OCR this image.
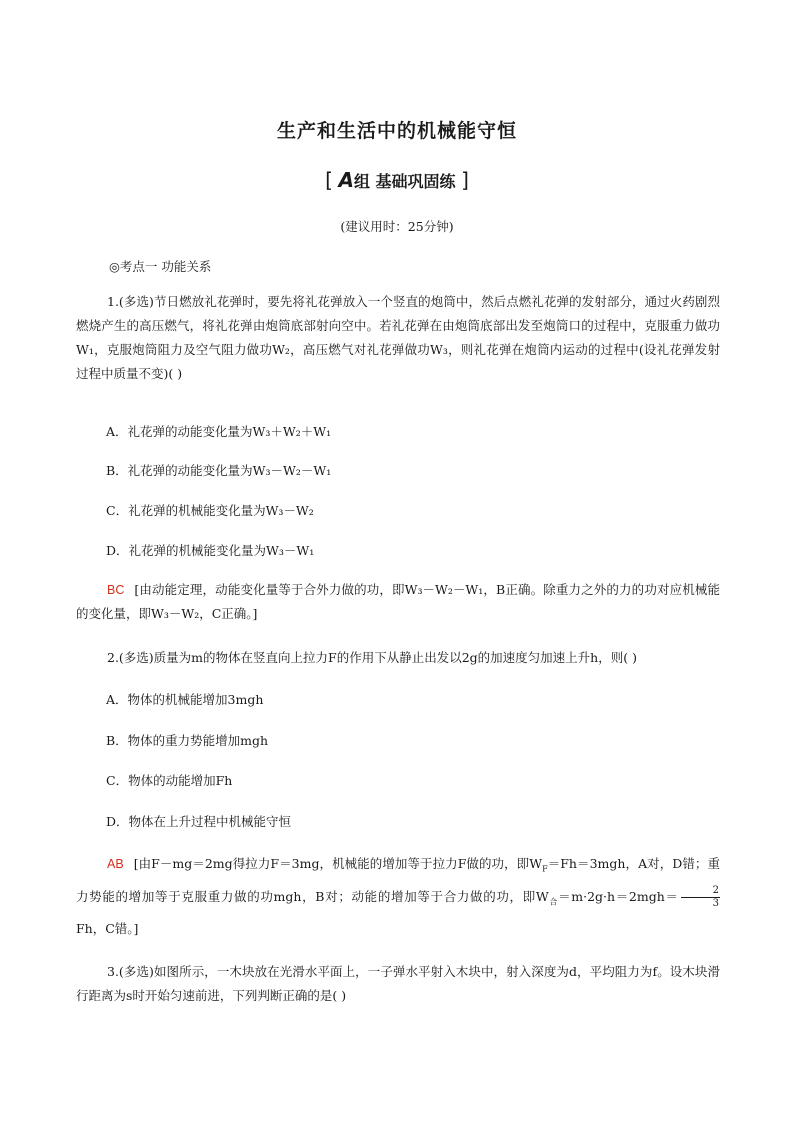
生产和生活中的机械能守恒
[ A组 基础巩固练 ]
(建议用时：25分钟)
◎考点一 功能关系
1.(多选)节日燃放礼花弹时，要先将礼花弹放入一个竖直的炮筒中，然后点燃礼花弹的发射部分，通过火药剧烈燃烧产生的高压燃气，将礼花弹由炮筒底部射向空中。若礼花弹在由炮筒底部出发至炮筒口的过程中，克服重力做功W₁，克服炮筒阻力及空气阻力做功W₂，高压燃气对礼花弹做功W₃，则礼花弹在炮筒内运动的过程中(设礼花弹发射过程中质量不变)( )
A．礼花弹的动能变化量为W₃＋W₂＋W₁
B．礼花弹的动能变化量为W₃－W₂－W₁
C．礼花弹的机械能变化量为W₃－W₂
D．礼花弹的机械能变化量为W₃－W₁
BC [由动能定理，动能变化量等于合外力做的功，即W₃－W₂－W₁，B正确。除重力之外的力的功对应机械能的变化量，即W₃－W₂，C正确。]
2.(多选)质量为m的物体在竖直向上拉力F的作用下从静止出发以2g的加速度匀加速上升h，则( )
A．物体的机械能增加3mgh
B．物体的重力势能增加mgh
C．物体的动能增加Fh
D．物体在上升过程中机械能守恒
AB [由F－mg＝2mg得拉力F＝3mg，机械能的增加等于拉力F做的功，即$W_F=Fh=3mgh$，A对，D错；重力势能的增加等于克服重力做的功mgh，B对；动能的增加等于合力做的功，即$W_合=m\cdot 2g\cdot h=2mgh= \frac{2}{3}$
Fh，C错。]
3.(多选)如图所示，一木块放在光滑水平面上，一子弹水平射入木块中，射入深度为d，平均阻力为f。设木块滑行距离为s时开始匀速前进，下列判断正确的是( )
